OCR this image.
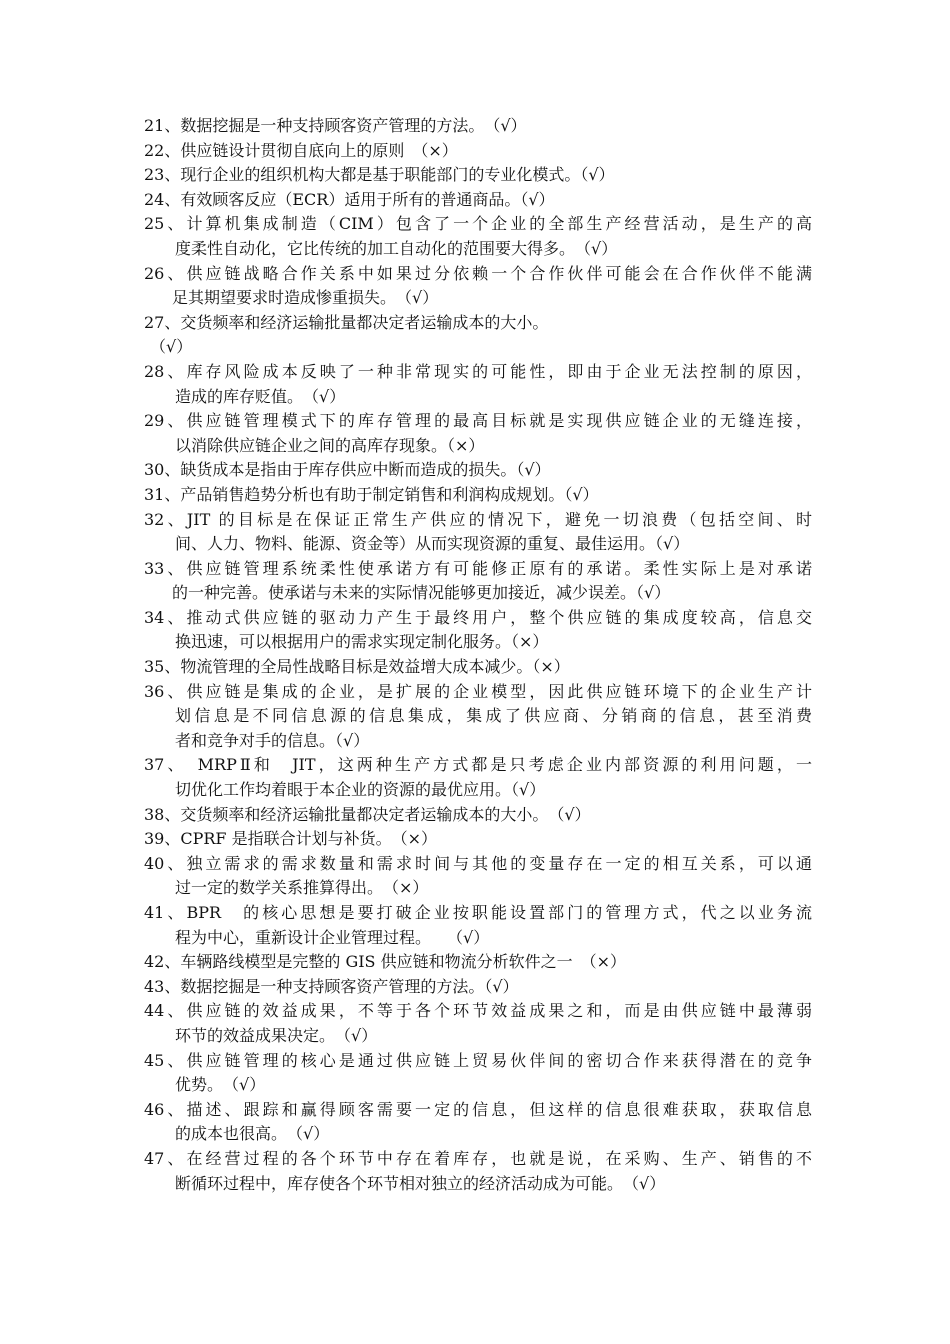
21、数据挖掘是一种支持顾客资产管理的方法。　（√）
22、供应链设计贯彻自底向上的原则　（×）
23、现行企业的组织机构大都是基于职能部门的专业化模式。（√）
24、有效顾客反应（ECR）适用于所有的普通商品。（√）
25、计算机集成制造（CIM）包含了一个企业的全部生产经营活动，是生产的高
度柔性自动化，它比传统的加工自动化的范围要大得多。　（√）
26、供应链战略合作关系中如果过分依赖一个合作伙伴可能会在合作伙伴不能满
足其期望要求时造成惨重损失。　（√）
27、交货频率和经济运输批量都决定者运输成本的大小。
（√）
28、库存风险成本反映了一种非常现实的可能性，即由于企业无法控制的原因，
造成的库存贬值。　（√）
29、供应链管理模式下的库存管理的最高目标就是实现供应链企业的无缝连接，
以消除供应链企业之间的高库存现象。（×）
30、缺货成本是指由于库存供应中断而造成的损失。（√）
31、产品销售趋势分析也有助于制定销售和利润构成规划。（√）
32、JIT 的目标是在保证正常生产供应的情况下，避免一切浪费（包括空间、时
间、人力、物料、能源、资金等）从而实现资源的重复、最佳运用。（√）
33、供应链管理系统柔性使承诺方有可能修正原有的承诺。柔性实际上是对承诺
的一种完善。使承诺与未来的实际情况能够更加接近，减少误差。（√）
34、推动式供应链的驱动力产生于最终用户，整个供应链的集成度较高，信息交
换迅速，可以根据用户的需求实现定制化服务。（×）
35、物流管理的全局性战略目标是效益增大成本减少。（×）
36、供应链是集成的企业，是扩展的企业模型，因此供应链环境下的企业生产计
划信息是不同信息源的信息集成，集成了供应商、分销商的信息，甚至消费
者和竞争对手的信息。（√）
37、　MRPⅡ和　JIT，这两种生产方式都是只考虑企业内部资源的利用问题，一
切优化工作均着眼于本企业的资源的最优应用。（√）
38、交货频率和经济运输批量都决定者运输成本的大小。　（√）
39、CPRF 是指联合计划与补货。　（×）
40、独立需求的需求数量和需求时间与其他的变量存在一定的相互关系，可以通
过一定的数学关系推算得出。　（×）
41、BPR　的核心思想是要打破企业按职能设置部门的管理方式，代之以业务流
程为中心，重新设计企业管理过程。　　（√）
42、车辆路线模型是完整的 GIS 供应链和物流分析软件之一　（×）
43、数据挖掘是一种支持顾客资产管理的方法。（√）
44、供应链的效益成果，不等于各个环节效益成果之和，而是由供应链中最薄弱
环节的效益成果决定。　（√）
45、供应链管理的核心是通过供应链上贸易伙伴间的密切合作来获得潜在的竞争
优势。　（√）
46、描述、跟踪和赢得顾客需要一定的信息，但这样的信息很难获取，获取信息
的成本也很高。　（√）
47、在经营过程的各个环节中存在着库存，也就是说，在采购、生产、销售的不
断循环过程中，库存使各个环节相对独立的经济活动成为可能。　（√）
